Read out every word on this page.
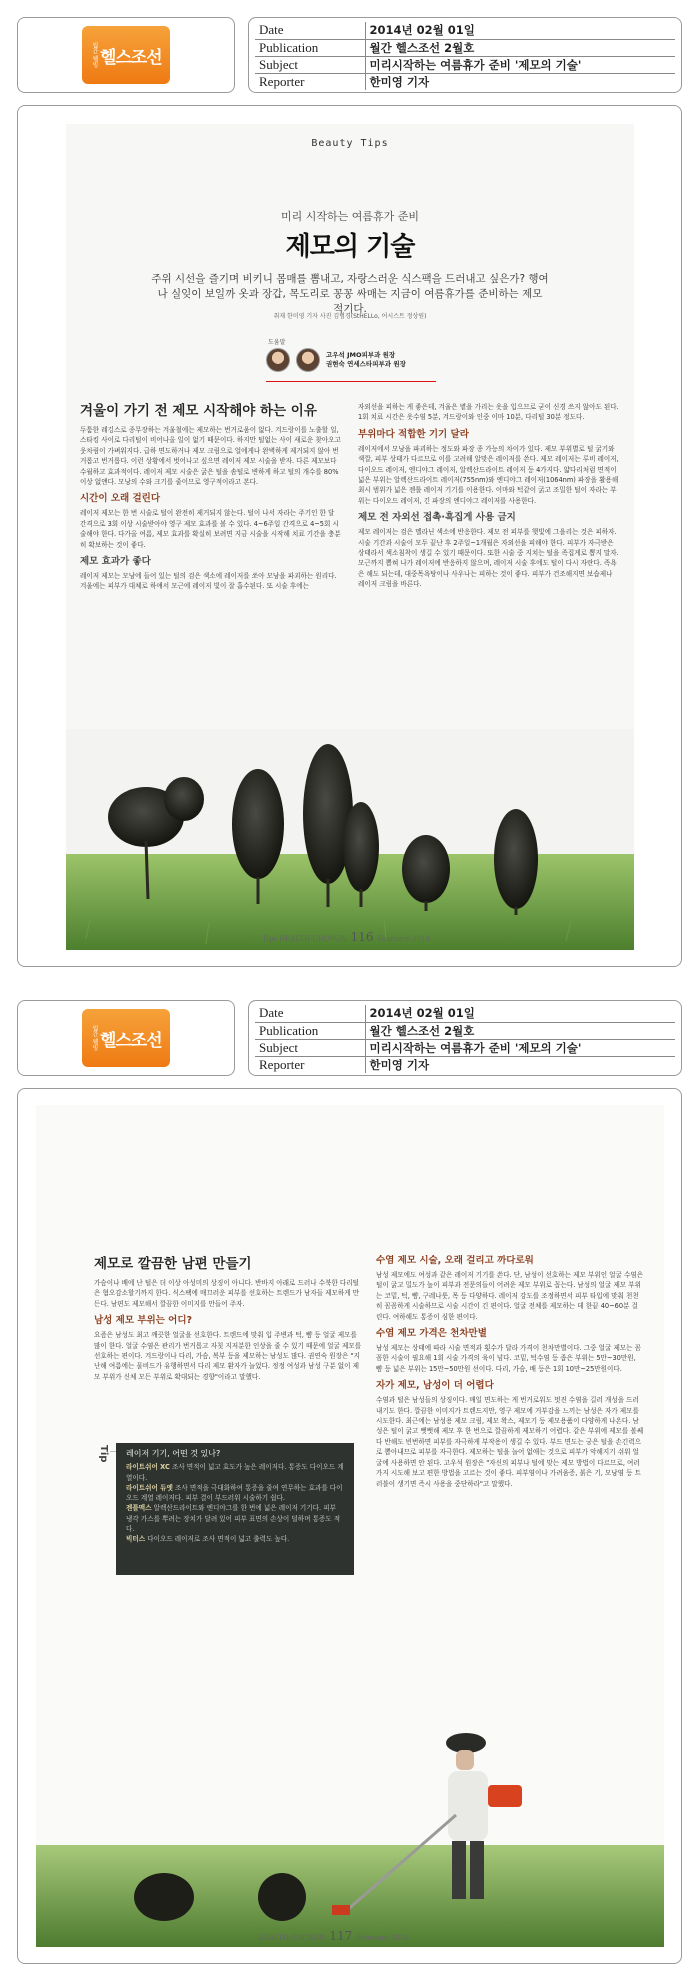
월간 웰빙 헬스조선
Date	2014년 02월 01일
Publication	월간 헬스조선 2월호
Subject	미리시작하는 여름휴가 준비 '제모의 기술'
Reporter	한미영 기자
Beauty Tips
미리 시작하는 여름휴가 준비
제모의 기술
주위 시선을 즐기며 비키니 몸매를 뽐내고, 자랑스러운 식스팩을 드러내고 싶은가? 행여나 실잊이 보일까 옷과 장갑, 목도리로 꽁꽁 싸매는 지금이 여름휴가를 준비하는 제모 적기다.
취재 한미영 기자 사진 김범경(StHELLo, 어시스트 정상원)
도움말
고우석 JMO피부과 원장
권현숙 연세스타피부과 원장
겨울이 가기 전 제모 시작해야 하는 이유
두툼한 레깅스로 종무장하는 겨울철에는 제모하는 번거로움이 없다. 겨드랑이를 노출할 일, 스타킹 사이로 다리털이 비어나올 일이 없기 때문이다. 하지만 털없는 사이 새로운 찾아오고 웃차림이 가벼워지다. 급하 면도하거나 제모 크림으로 얼에게나 완벽하게 제거되지 않아 번거롭고 번거롭다. 이런 상황에서 벗어나고 싶으면 레이저 제모 시술을 받자. 다른 제모보다 수월하고 효과적이다. 레이저 제모 시술은 굵은 털을 솜털로 변하게 하고 털의 개수를 80% 이상 없앤다. 모낭의 수와 크기를 줄이므로 영구적이라고 본다.
시간이 오래 걸린다
레이저 제모는 한 번 시술로 털이 완전히 제거되지 않는다. 털이 나서 자라는 주기인 한 달 간격으로 3회 이상 시술받아야 영구 제모 효과를 볼 수 있다. 4~6주일 간격으로 4~5회 시술해야 한다. 다가올 여름, 제모 효과를 확실히 보려면 지금 시술을 시작해 치료 기간을 충분히 확보하는 것이 좋다.
제모 효과가 좋다
레이저 제모는 모낭에 들어 있는 털의 검은 색소에 레이저를 쏘아 모낭을 파괴하는 원리다. 겨울에는 피부가 대체로 하얘서 모근에 레이저 빛이 잘 흡수된다. 또 시술 후에는
자외선을 피하는 게 좋은데, 겨울은 볕을 가리는 옷을 입으므로 굳이 신경 쓰지 않아도 된다. 1회 치료 시간은 옷수염 5분, 겨드랑이와 인중 이마 10분, 다리털 30분 정도다.
부위마다 적합한 기기 달라
레이저에서 모낭을 파괴하는 정도와 파장 종 가능의 차이가 있다. 제모 부위별로 털 굵기와 색깔, 피부 상태가 다르므로 이를 고려해 알맞은 레이저를 쓴다. 제모 레이저는 루비 레이저, 다이오드 레이저, 엔디야그 레이저, 알렉산드라이트 레이저 등 4가지다. 얇다리처럼 면적이 넓은 부위는 알렉산드라이트 레이저(755nm)와 엔디야그 레이저(1064nm) 파장을 활용해 최시 범위가 넓은 젠틀 레이저 기기를 이용한다. 이마와 턱같이 굵고 조밀한 털이 자라는 부위는 다이오드 레이저, 긴 파장의 엔디야그 레이저를 사용한다.
제모 전 자외선 접촉·흑집게 사용 금지
제모 레이저는 검은 멜라닌 색소에 반응한다. 제모 전 피부를 햇빛에 그을리는 것은 피하자. 시술 기간과 시술이 모두 끝난 후 2주일~1개월은 자외선을 피해야 한다. 피부가 자극받은 상태라서 색소침착이 생길 수 있기 때문이다. 또한 시술 중 지치는 털을 족집게로 뽑지 말자. 모근까지 뽑혀 나가 레이저에 반응하지 않으며, 레이저 시술 후에도 털이 다시 자란다. 족욕은 해도 되는데, 대중목욕탕이나 사우나는 피하는 것이 좋다. 피부가 건조해지면 보습제나 레이저 크림을 바른다.
Tips HEALTH CHOSUN 116 February 2014
월간 웰빙 헬스조선
Date	2014년 02월 01일
Publication	월간 헬스조선 2월호
Subject	미리시작하는 여름휴가 준비 '제모의 기술'
Reporter	한미영 기자
제모로 깔끔한 남편 만들기
가슴이나 배에 난 털은 더 이상 아성미의 상징이 아니다. 반바지 아래로 드러나 수북한 다리털은 혐오감소할기까지 한다. 식스팩에 매끄러운 피부를 선호하는 트렌드가 남자들 제모하게 만든다. 남편도 제모해서 깔끔한 이미지를 만들어 주자.
남성 제모 부위는 어디?
요즘은 남성도 최고 깨끗한 얼굴을 선호한다. 트랜드에 맞춰 입 주변과 턱, 뺨 등 얼굴 제모를 많이 한다. 얼굴 수염은 관리가 번거롭고 자칫 지저분한 인상을 줄 수 있기 때문에 얼굴 제모를 선호하는 편이다. 겨드랑이나 다리, 가슴, 복부 등을 제모하는 남성도 많다. 권연숙 원장은 "지난해 여름에는 물비드가 유행하면서 다리 제모 환자가 늘었다. 정정 여성과 남성 구분 없이 제모 부위가 신체 모든 부위로 확대되는 경향"이라고 말했다.
Tip 레이저 기기, 어떤 것 있나?
라이트쉬어 XC 조사 면적이 넓고 효도가 높은 레이저다. 통증도 다이오드 계열이다.
라이트쉬어 듀엣 조사 면적을 극대화하여 통증을 줄여 연무하는 효과를 다이오드 계열 레이저다. 피부 결이 부드러워 시술하기 쉽다.
젠틀맥스 알렉산드라이트와 엔디야그를 한 번에 넓은 레이저 기기다. 피부 냉각 가스를 뿌려는 장치가 달려 있어 피부 표면의 손상이 덜하며 통증도 적다.
빅터스 다이오드 레이저로 조사 면적이 넓고 출력도 높다.
수염 제모 시술, 오래 걸리고 까다로워
남성 제모에도 여성과 같은 레이저 기기를 쓴다. 단, 남성이 선호하는 제모 부위인 얼굴 수염은 털이 굵고 밀도가 높이 피부과 전문의들이 어려운 제모 부위로 꼽는다. 남성의 얼굴 제모 부위는 코밑, 턱, 뺨, 구레나룻, 목 등 다양하다. 레이저 강도를 조정하면서 피부 타입에 맞춰 천천히 꼼꼼하게 시술하므로 시술 시간이 긴 편이다. 얼굴 전체를 제모하는 데 한끝 40~60분 걸린다. 여하해도 통증이 심한 편이다.
수염 제모 가격은 천차만별
남성 제모는 상태에 따라 시술 면적과 횟수가 달라 가격이 천차만별이다. 그중 얼굴 제모는 꼼꼼한 시술이 필요해 1회 시술 가격의 육이 넘다. 코밑, 턱수염 등 좁은 부위는 5만~30만원, 뺨 등 넓은 부위는 15만~50만원 선이다. 다리, 가슴, 배 등은 1회 10만~25만원이다.
자가 제모, 남성이 더 어렵다
수염과 털은 남성들의 상징이다. 매일 면도하는 게 번거로워도 멋진 수염을 길러 개성을 드러내기도 한다. 깔끔한 이미지가 트렌드지만, 영구 제모에 거부감을 느끼는 남성은 자가 제모를 시도한다. 최근에는 남성용 제모 크림, 제모 왁스, 제모기 등 제모용품이 다양하게 나온다. 남성은 털이 굵고 뻣뻣해 제모 후 한 번으로 깔끔하게 제모하기 어렵다. 같은 부위에 제모를 볼쎄다 반해도 빈번하면 피부를 자극하게 부작용이 생길 수 있다. 부드 면도는 궁은 털을 손긴력으로 뽑아내므로 피부를 자극한다. 제모하는 털을 늘어 없애는 것으로 피부가 악해지기 쉬워 얼굴에 사용하면 안 된다. 고우석 원장은 "자신의 피부나 털에 맞는 제모 방법이 다르므로, 여러 가지 시도해 보고 편한 방법을 고르는 것이 좋다. 피부염이나 가려움증, 붉은 기, 모낭염 등 트러블이 생기면 즉시 사용을 중단하라"고 말했다.
HEALTH CHOSUN 117 February 2014
